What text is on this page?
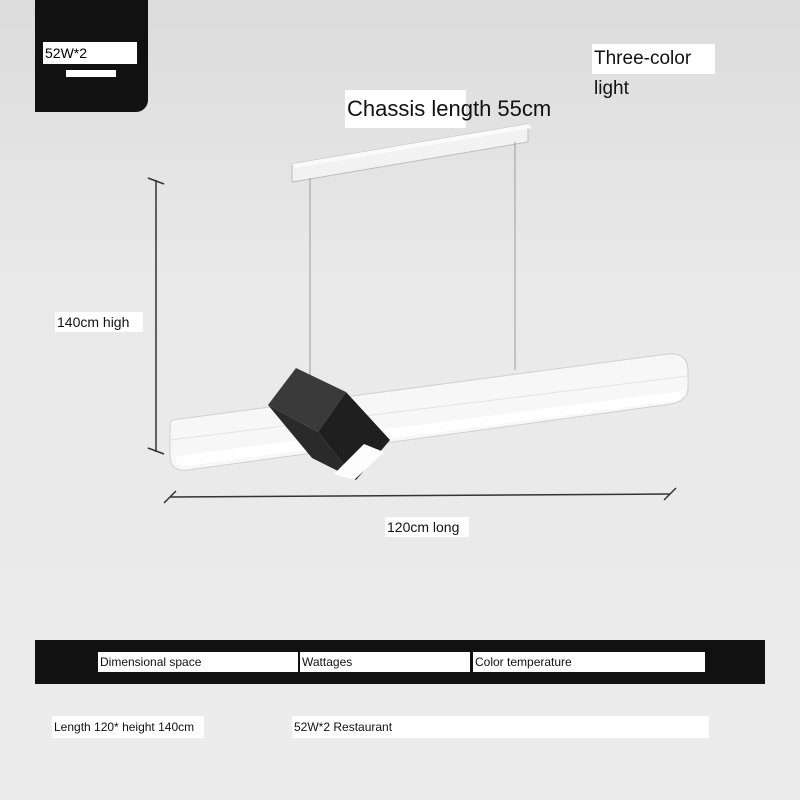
52W*2	Three-color light
Chassis length 55cm
140cm high
120cm long
Dimensional space	Wattages	Color temperature
Length 120* height 140cm	52W*2 Restaurant
